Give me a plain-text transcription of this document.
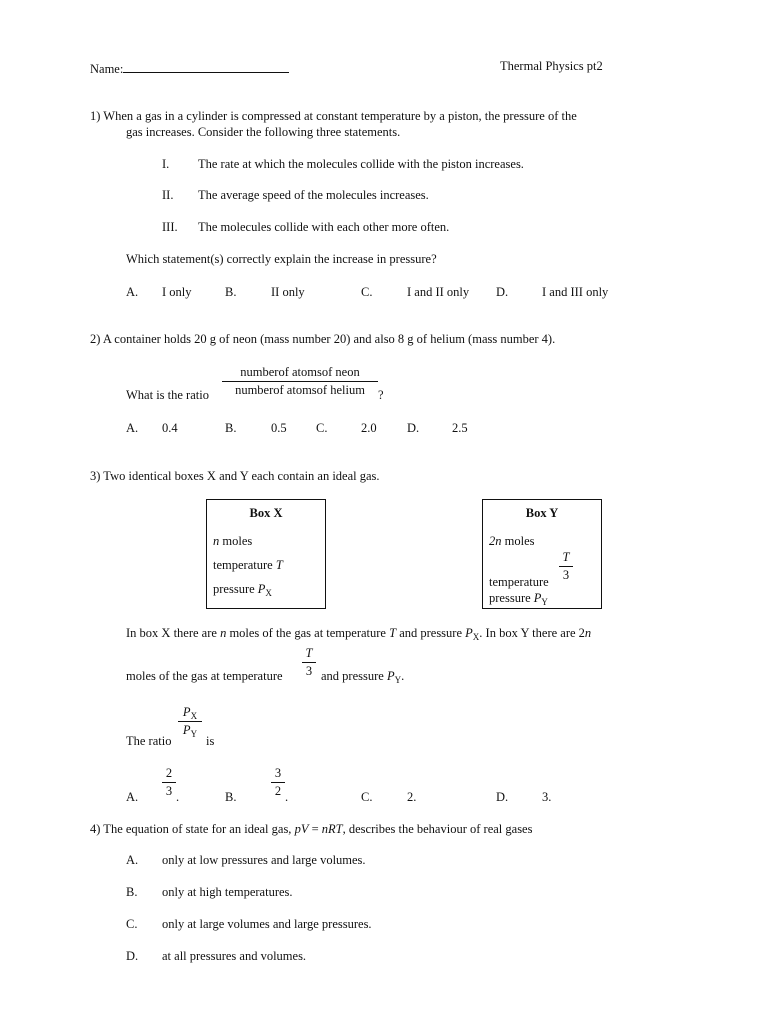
Name:	Thermal Physics pt2
1) When a gas in a cylinder is compressed at constant temperature by a piston, the pressure of the
gas increases. Consider the following three statements.
I. The rate at which the molecules collide with the piston increases.
II. The average speed of the molecules increases.
III. The molecules collide with each other more often.
Which statement(s) correctly explain the increase in pressure?
A. I only	B.	II only	C.	I and II only D.	I and III only
2) A container holds 20 g of neon (mass number 20) and also 8 g of helium (mass number 4).
What is the ratio
numberof atomsof neon
numberof atomsof helium	?
A. 0.4	B.	0.5 C.	2.0 D.	2.5
3) Two identical boxes X and Y each contain an ideal gas.
Box X
n moles
temperature T
pressure $P_X$
Box Y
2n moles
T
3
temperature
pressure $P_Y$
In box X there are n moles of the gas at temperature T and pressure $P_X$. In box Y there are 2n
moles of the gas at temperature
T
3 and pressure $P_Y$.
The ratio
$P_X$
$P_Y$
is
A.
2
3 .	B.
3
2 .	C.	2.	D.	3.
4) The equation of state for an ideal gas, pV = nRT, describes the behaviour of real gases
A. only at low pressures and large volumes.
B. only at high temperatures.
C. only at large volumes and large pressures.
D. at all pressures and volumes.
